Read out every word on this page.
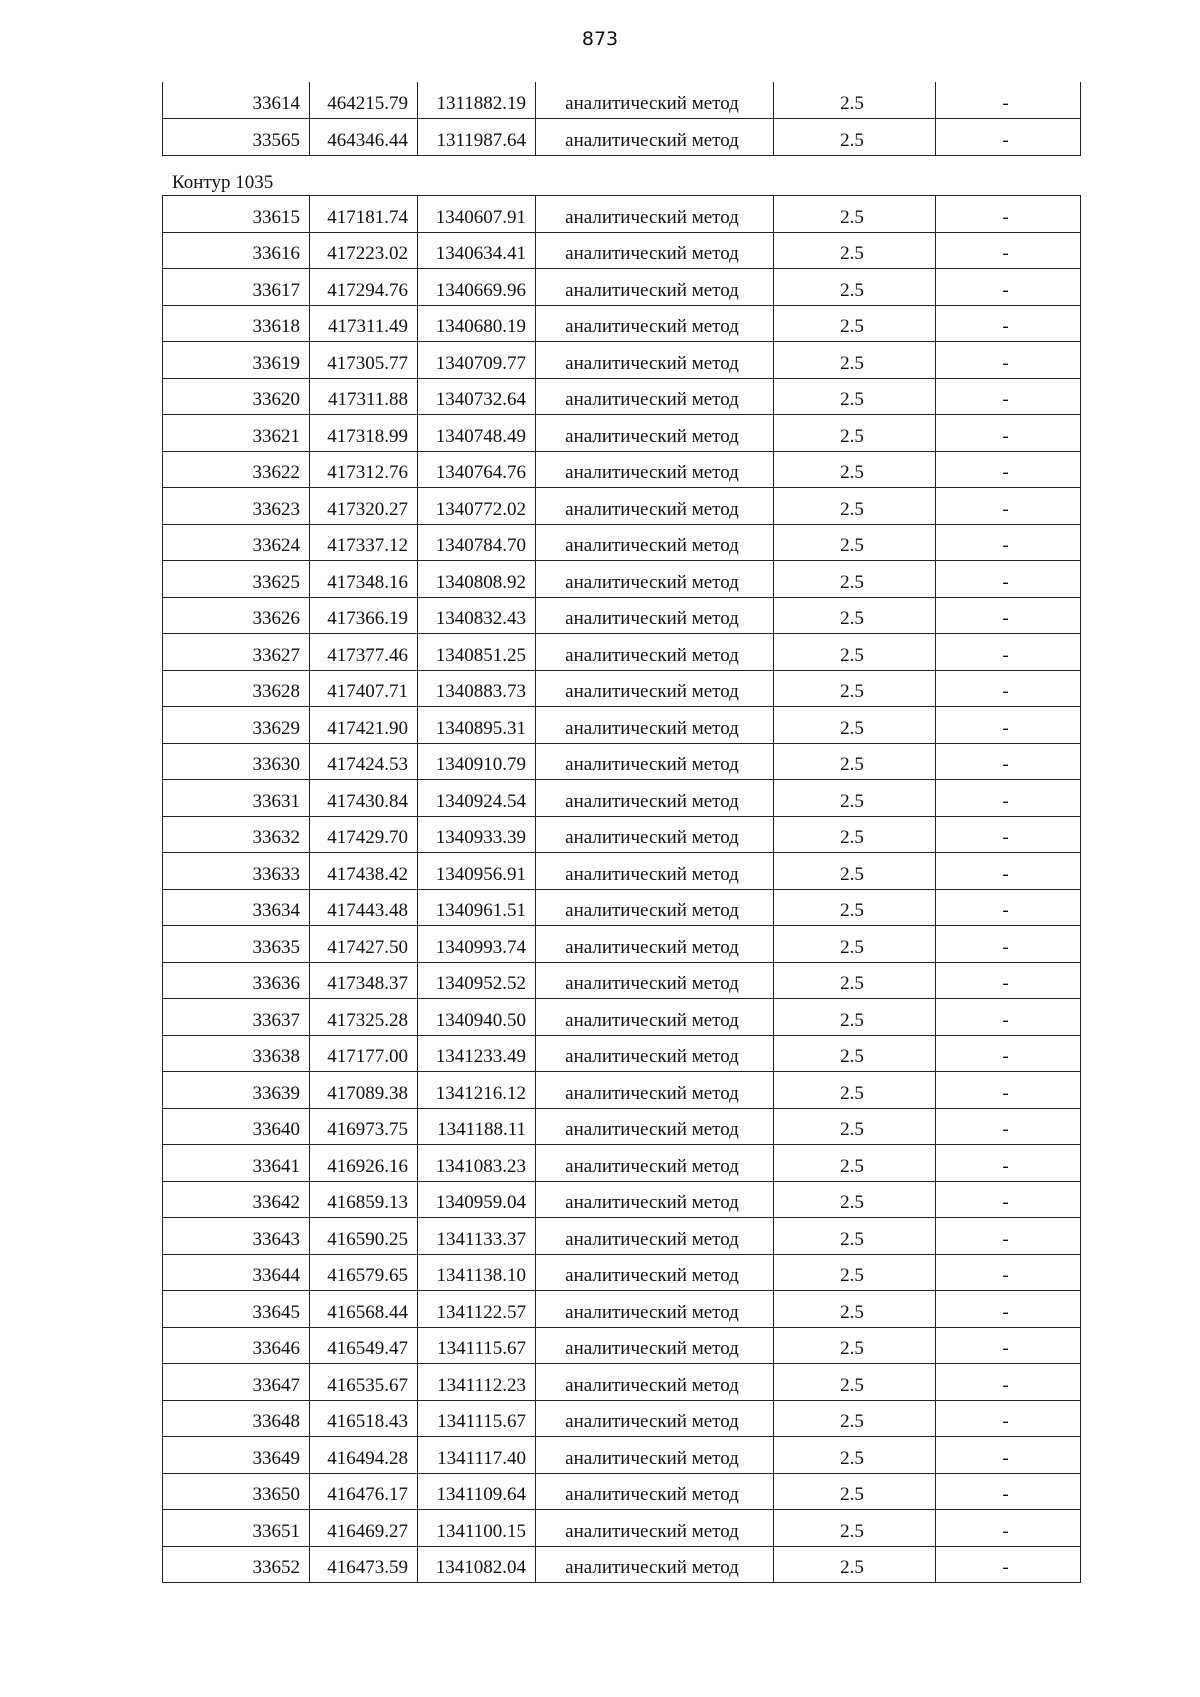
873
33614	464215.79	1311882.19	аналитический метод	2.5	-
33565	464346.44	1311987.64	аналитический метод	2.5	-
Контур 1035
33615	417181.74	1340607.91	аналитический метод	2.5	-
33616	417223.02	1340634.41	аналитический метод	2.5	-
33617	417294.76	1340669.96	аналитический метод	2.5	-
33618	417311.49	1340680.19	аналитический метод	2.5	-
33619	417305.77	1340709.77	аналитический метод	2.5	-
33620	417311.88	1340732.64	аналитический метод	2.5	-
33621	417318.99	1340748.49	аналитический метод	2.5	-
33622	417312.76	1340764.76	аналитический метод	2.5	-
33623	417320.27	1340772.02	аналитический метод	2.5	-
33624	417337.12	1340784.70	аналитический метод	2.5	-
33625	417348.16	1340808.92	аналитический метод	2.5	-
33626	417366.19	1340832.43	аналитический метод	2.5	-
33627	417377.46	1340851.25	аналитический метод	2.5	-
33628	417407.71	1340883.73	аналитический метод	2.5	-
33629	417421.90	1340895.31	аналитический метод	2.5	-
33630	417424.53	1340910.79	аналитический метод	2.5	-
33631	417430.84	1340924.54	аналитический метод	2.5	-
33632	417429.70	1340933.39	аналитический метод	2.5	-
33633	417438.42	1340956.91	аналитический метод	2.5	-
33634	417443.48	1340961.51	аналитический метод	2.5	-
33635	417427.50	1340993.74	аналитический метод	2.5	-
33636	417348.37	1340952.52	аналитический метод	2.5	-
33637	417325.28	1340940.50	аналитический метод	2.5	-
33638	417177.00	1341233.49	аналитический метод	2.5	-
33639	417089.38	1341216.12	аналитический метод	2.5	-
33640	416973.75	1341188.11	аналитический метод	2.5	-
33641	416926.16	1341083.23	аналитический метод	2.5	-
33642	416859.13	1340959.04	аналитический метод	2.5	-
33643	416590.25	1341133.37	аналитический метод	2.5	-
33644	416579.65	1341138.10	аналитический метод	2.5	-
33645	416568.44	1341122.57	аналитический метод	2.5	-
33646	416549.47	1341115.67	аналитический метод	2.5	-
33647	416535.67	1341112.23	аналитический метод	2.5	-
33648	416518.43	1341115.67	аналитический метод	2.5	-
33649	416494.28	1341117.40	аналитический метод	2.5	-
33650	416476.17	1341109.64	аналитический метод	2.5	-
33651	416469.27	1341100.15	аналитический метод	2.5	-
33652	416473.59	1341082.04	аналитический метод	2.5	-
